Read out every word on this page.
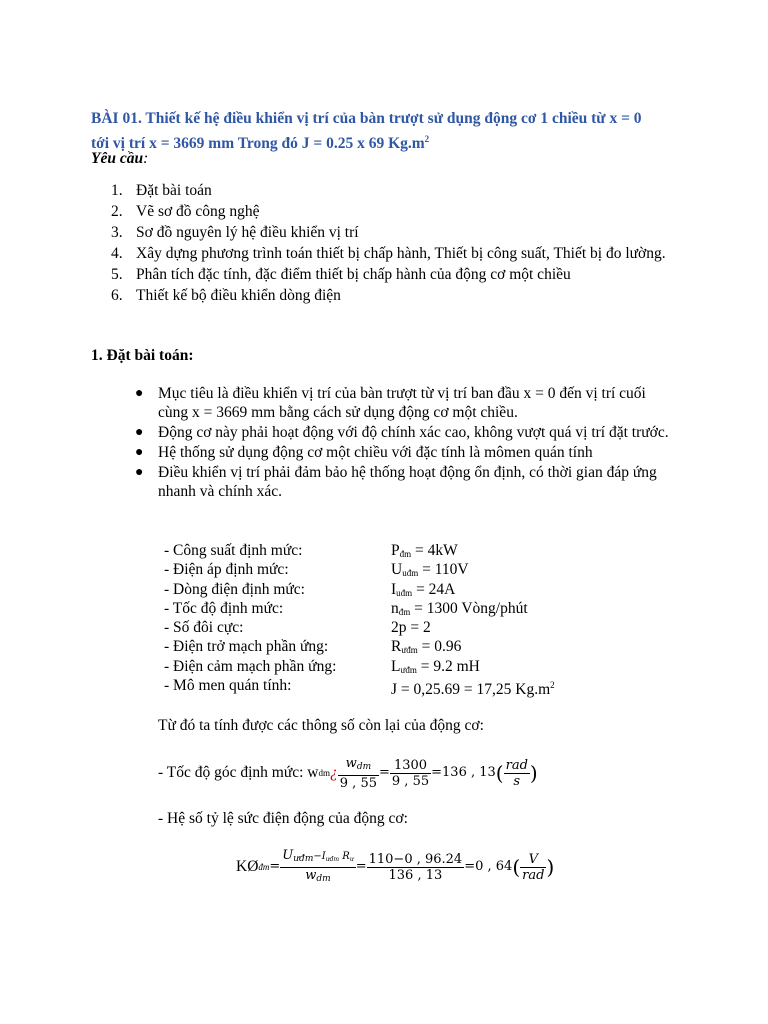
BÀI 01. Thiết kế hệ điều khiển vị trí của bàn trượt sử dụng động cơ 1 chiều từ x = 0
tới vị trí x = 3669 mm Trong đó J = 0.25 x 69 $Kg.m^2$
Yêu cầu:
1. Đặt bài toán
2. Vẽ sơ đồ công nghệ
3. Sơ đồ nguyên lý hệ điều khiển vị trí
4. Xây dựng phương trình toán thiết bị chấp hành, Thiết bị công suất, Thiết bị đo lường.
5. Phân tích đặc tính, đặc điểm thiết bị chấp hành của động cơ một chiều
6. Thiết kế bộ điều khiển dòng điện
1. Đặt bài toán:
● Mục tiêu là điều khiển vị trí của bàn trượt từ vị trí ban đầu x = 0 đến vị trí cuối cùng x = 3669 mm bằng cách sử dụng động cơ một chiều.
● Động cơ này phải hoạt động với độ chính xác cao, không vượt quá vị trí đặt trước.
● Hệ thống sử dụng động cơ một chiều với đặc tính là mômen quán tính
● Điều khiển vị trí phải đảm bảo hệ thống hoạt động ổn định, có thời gian đáp ứng nhanh và chính xác.
- Công suất định mức:	$P_{đm} = 4kW$
- Điện áp định mức:	$U_{uđm} = 110V$
- Dòng điện định mức:	$I_{uđm} = 24A$
- Tốc độ định mức:	$n_{đm} = 1300$ Vòng/phút
- Số đôi cực:	2p = 2
- Điện trở mạch phần ứng:	$R_{ưđm} = 0.96$
- Điện cảm mạch phần ứng:	$L_{ưđm} = 9.2$ mH
- Mô men quán tính:	J = 0,25.69 = 17,25 $Kg.m^2$
Từ đó ta tính được các thông số còn lại của động cơ:
- Tốc độ góc định mức: w dm ¿ $\frac{w_{dm}}{9 , 55} = \frac{1300}{9 , 55} = 136$ , 13 ( $\frac{\text{rad}}{s}$ )
- Hệ số tỷ lệ sức điện động của động cơ:
KØ đm = $\frac{U_{ưđm}-I_{ưđm} R_ư}{w_{dm}} = \frac{110-0 , 96.24}{136 , 13} = 0$ , 64 ( $\frac{V}{\text{rad}}$ )
